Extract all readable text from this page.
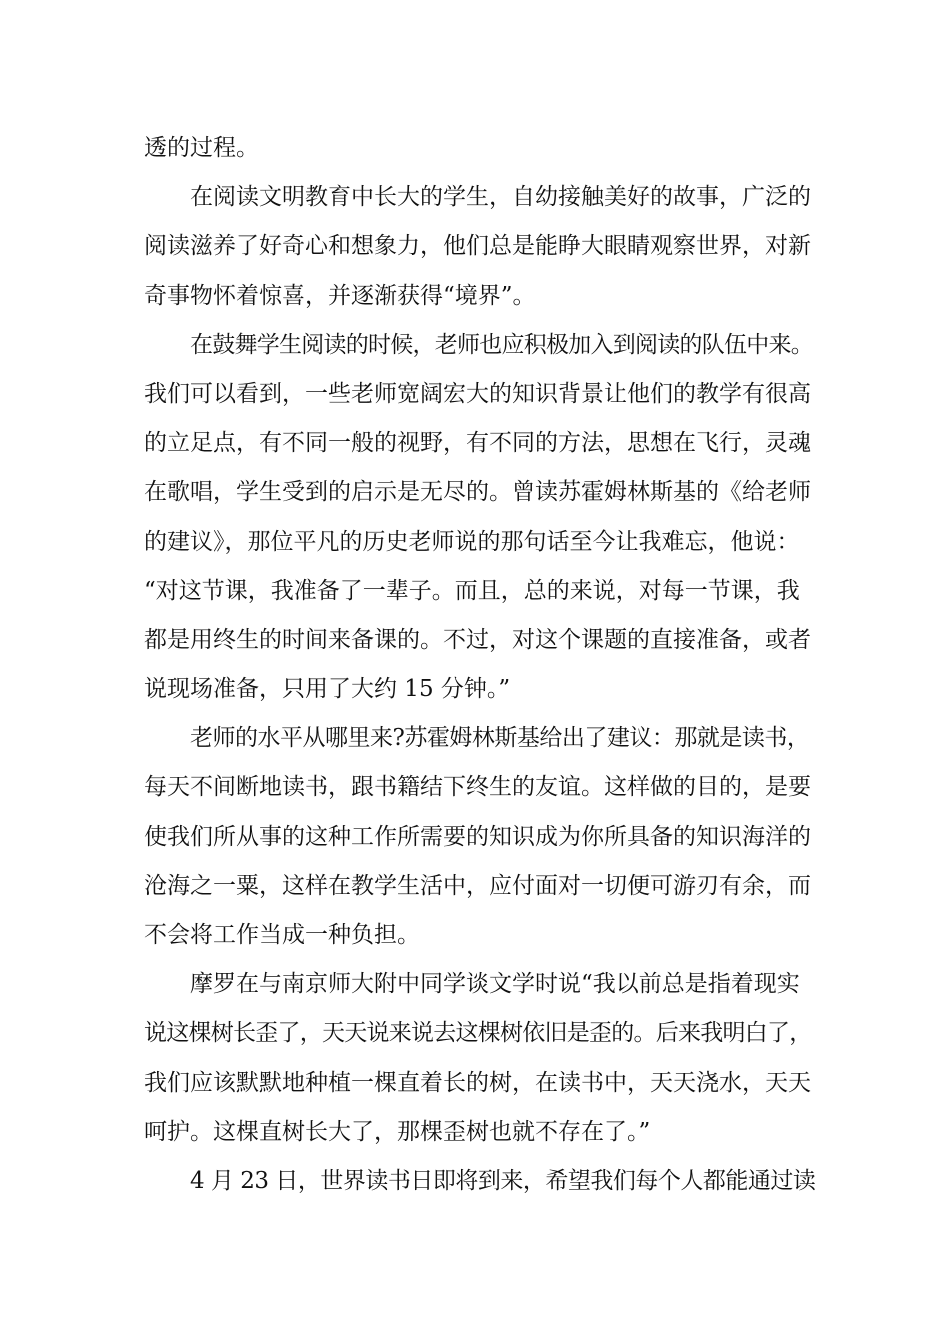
透的过程。
在阅读文明教育中长大的学生，自幼接触美好的故事，广泛的
阅读滋养了好奇心和想象力，他们总是能睁大眼睛观察世界，对新
奇事物怀着惊喜，并逐渐获得“境界”。
在鼓舞学生阅读的时候，老师也应积极加入到阅读的队伍中来。
我们可以看到，一些老师宽阔宏大的知识背景让他们的教学有很高
的立足点，有不同一般的视野，有不同的方法，思想在飞行，灵魂
在歌唱，学生受到的启示是无尽的。曾读苏霍姆林斯基的《给老师
的建议》，那位平凡的历史老师说的那句话至今让我难忘，他说：
“对这节课，我准备了一辈子。而且，总的来说，对每一节课，我
都是用终生的时间来备课的。不过，对这个课题的直接准备，或者
说现场准备，只用了大约 15 分钟。”
老师的水平从哪里来?苏霍姆林斯基给出了建议：那就是读书，
每天不间断地读书，跟书籍结下终生的友谊。这样做的目的，是要
使我们所从事的这种工作所需要的知识成为你所具备的知识海洋的
沧海之一粟，这样在教学生活中，应付面对一切便可游刃有余，而
不会将工作当成一种负担。
摩罗在与南京师大附中同学谈文学时说“我以前总是指着现实
说这棵树长歪了，天天说来说去这棵树依旧是歪的。后来我明白了，
我们应该默默地种植一棵直着长的树，在读书中，天天浇水，天天
呵护。这棵直树长大了，那棵歪树也就不存在了。”
4 月 23 日，世界读书日即将到来，希望我们每个人都能通过读
